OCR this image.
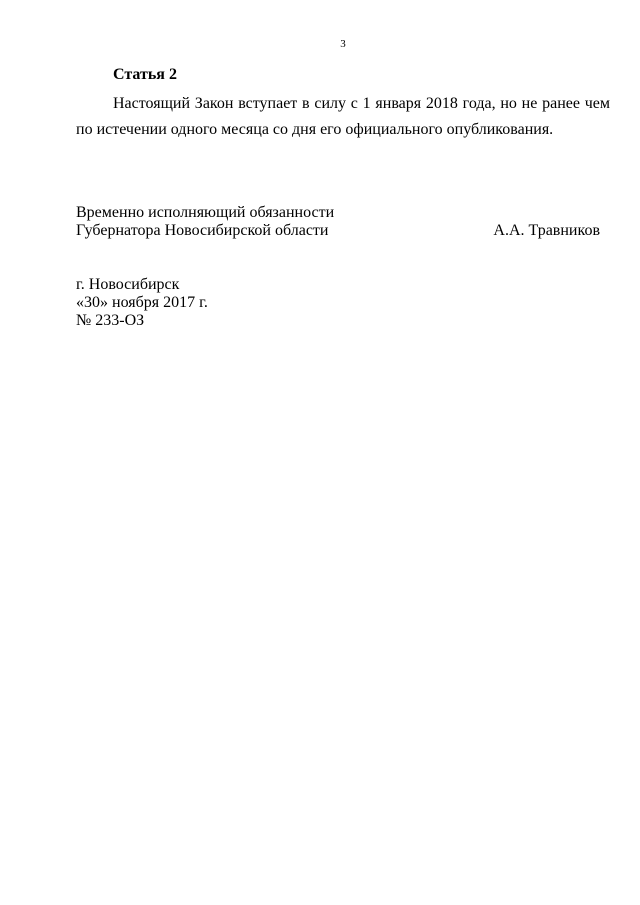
3
Статья 2

Настоящий Закон вступает в силу с 1 января 2018 года, но не ранее чем по истечении одного месяца со дня его официального опубликования.

Временно исполняющий обязанности
Губернатора Новосибирской области	А.А. Травников
г. Новосибирск
«30» ноября 2017 г.
№ 233-ОЗ
